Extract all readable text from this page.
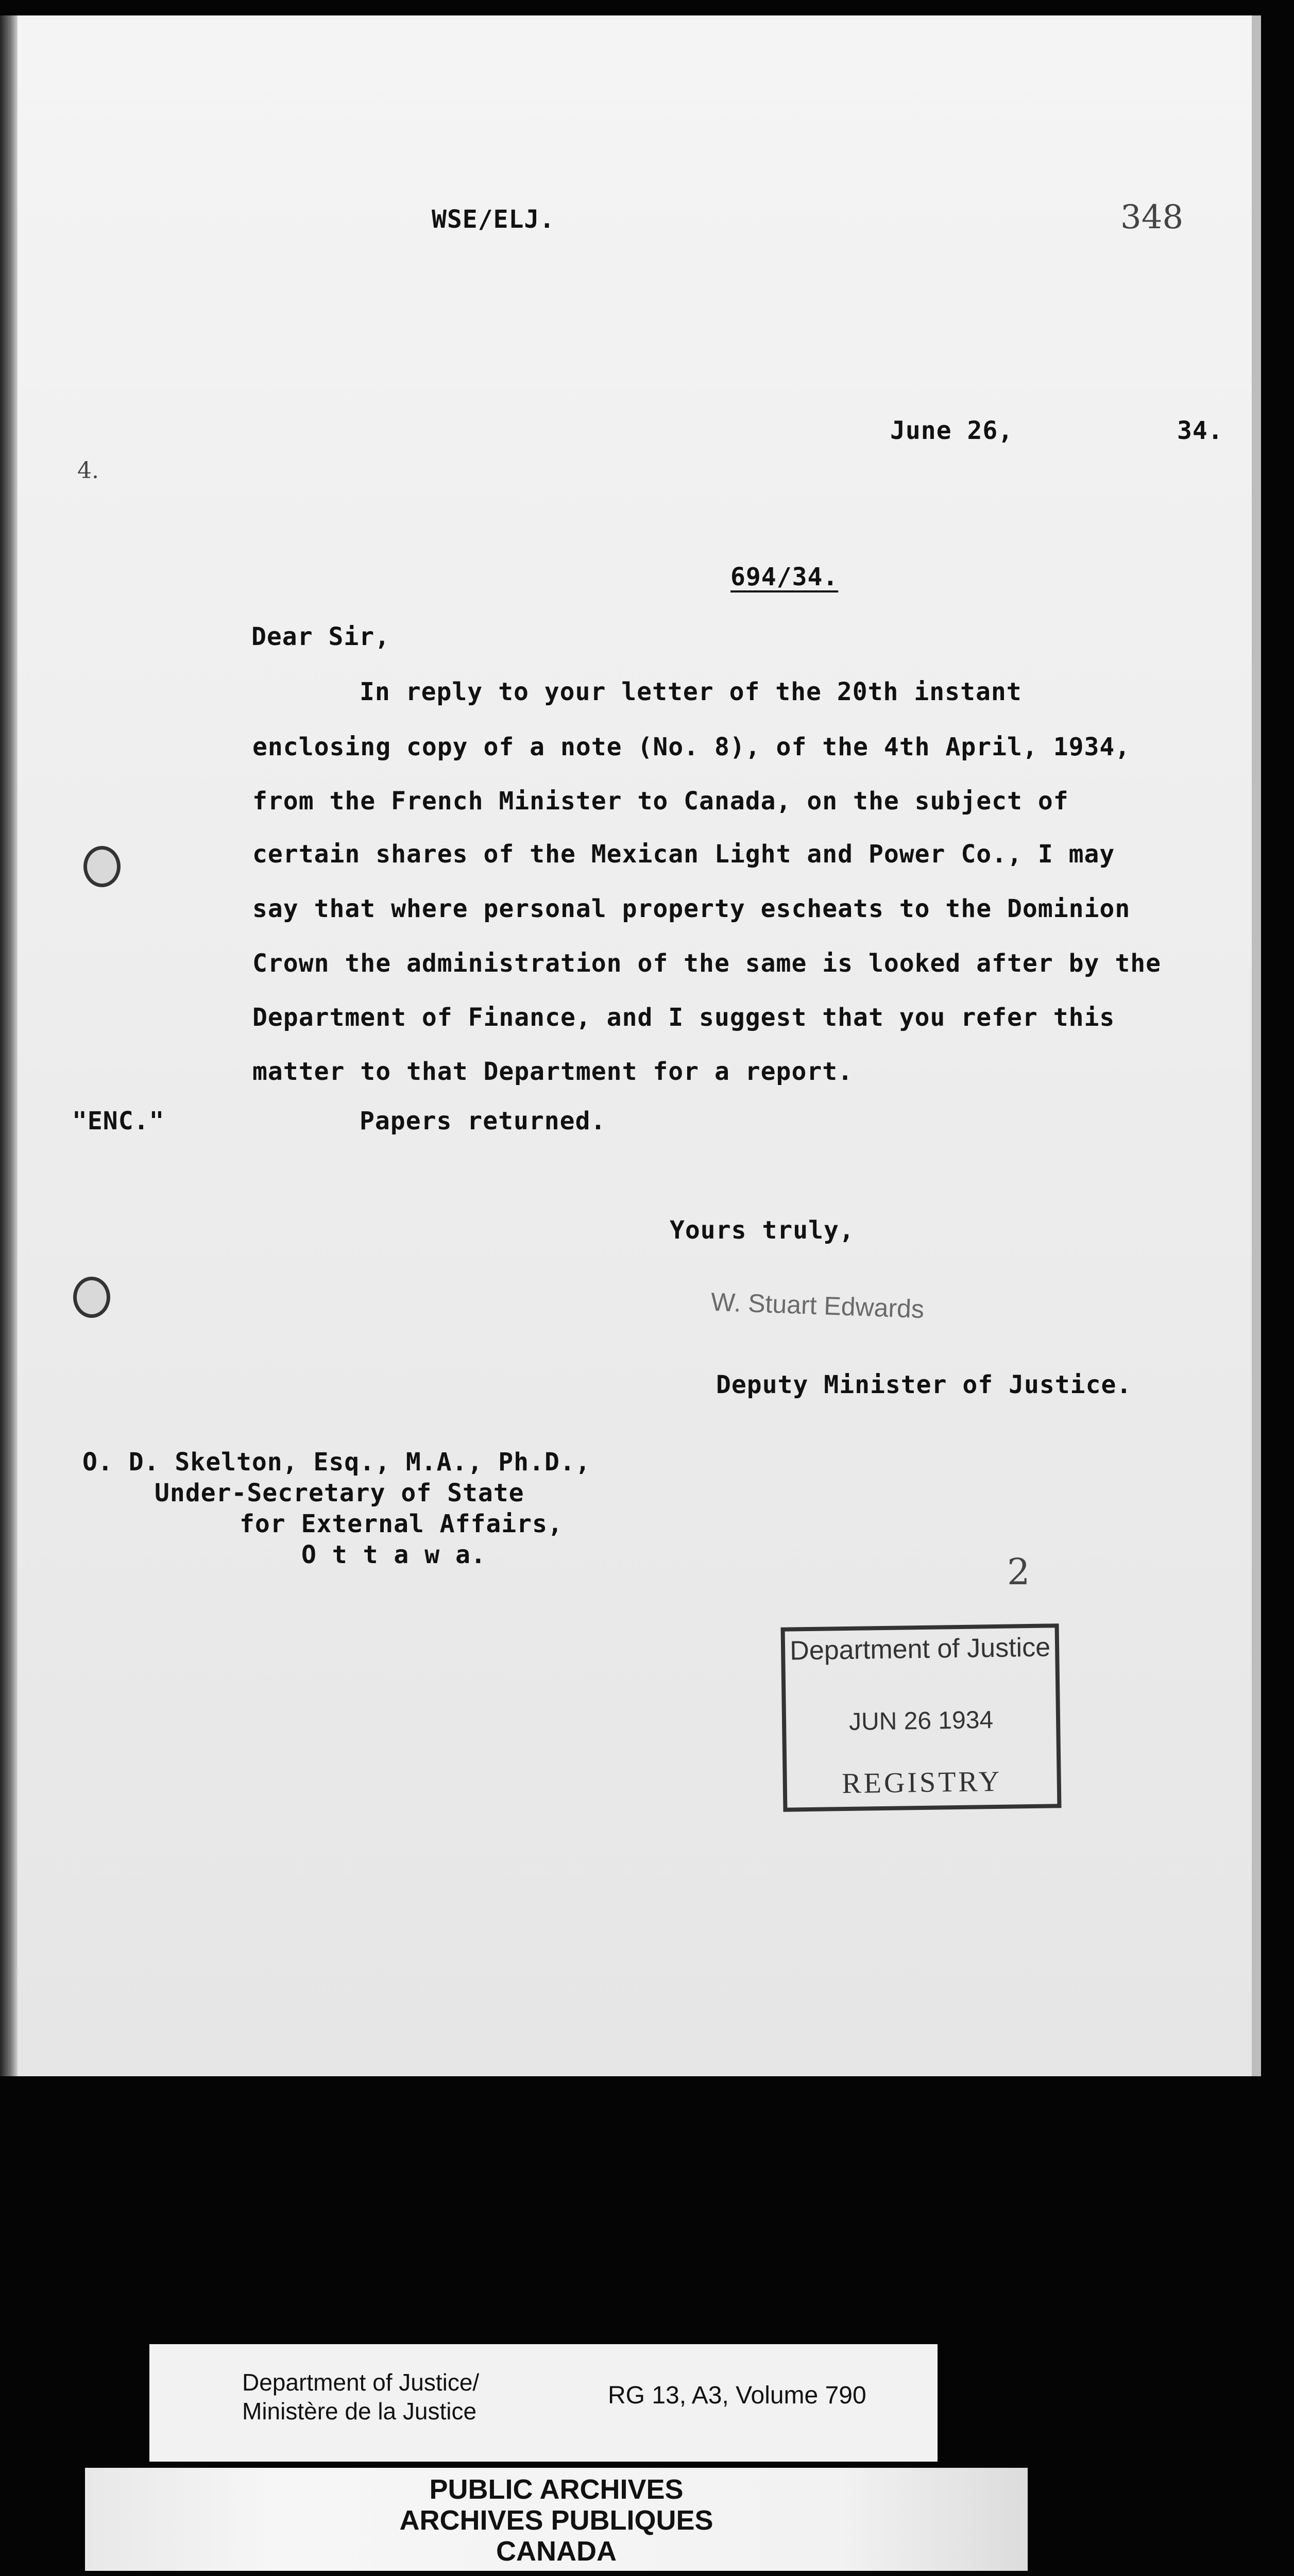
WSE/ELJ.	348
June 26,	34.
4.
694/34.
Dear Sir,
In reply to your letter of the 20th instant
enclosing copy of a note (No. 8), of the 4th April, 1934,
from the French Minister to Canada, on the subject of
certain shares of the Mexican Light and Power Co., I may
say that where personal property escheats to the Dominion
Crown the administration of the same is looked after by the
Department of Finance, and I suggest that you refer this
matter to that Department for a report.
"ENC."	Papers returned.
Yours truly,
W. Stuart Edwards
Deputy Minister of Justice.
O. D. Skelton, Esq., M.A., Ph.D.,
Under-Secretary of State
for External Affairs,
O t t a w a.	2
Department of Justice
JUN 26 1934
REGISTRY
Department of Justice/
Ministère de la Justice
RG 13, A3, Volume 790
PUBLIC ARCHIVES
ARCHIVES PUBLIQUES
CANADA
